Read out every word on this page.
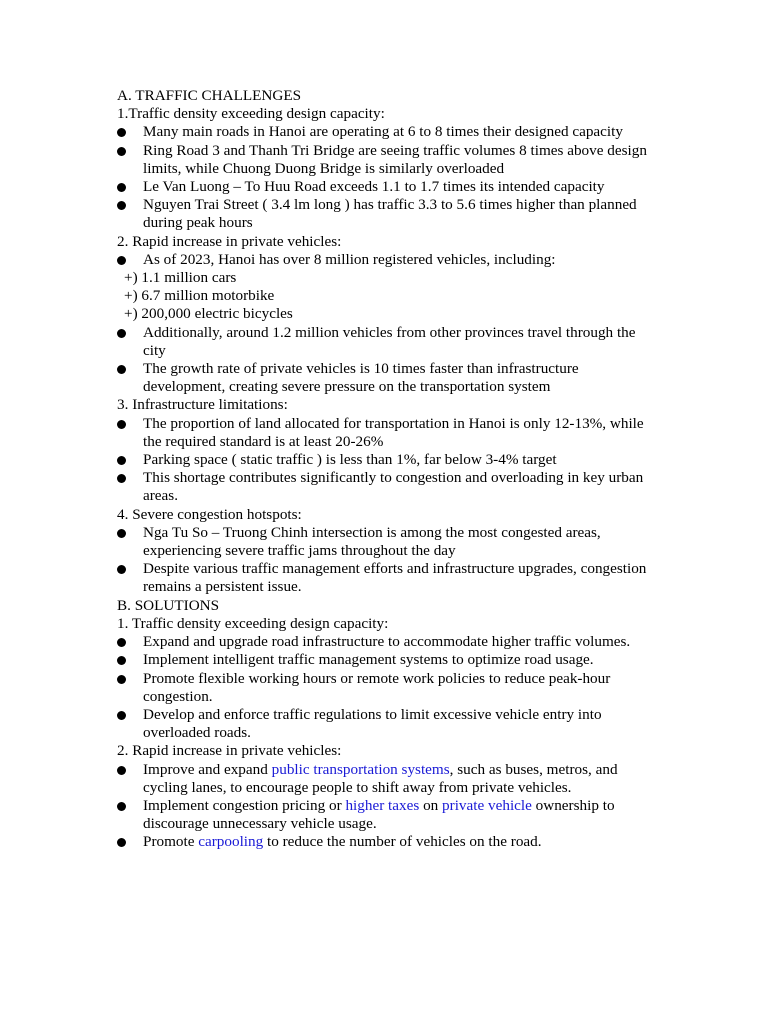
A. TRAFFIC CHALLENGES
1.Traffic density exceeding design capacity:
Many main roads in Hanoi are operating at 6 to 8 times their designed capacity
Ring Road 3 and Thanh Tri Bridge are seeing traffic volumes 8 times above design limits, while Chuong Duong Bridge is similarly overloaded
Le Van Luong – To Huu Road exceeds 1.1 to 1.7 times its intended capacity
Nguyen Trai Street ( 3.4 lm long ) has traffic 3.3 to 5.6 times higher than planned during peak hours
2. Rapid increase in private vehicles:
As of 2023, Hanoi has over 8 million registered vehicles, including:
+) 1.1 million cars
+) 6.7 million motorbike
+) 200,000 electric bicycles
Additionally, around 1.2 million vehicles from other provinces travel through the city
The growth rate of private vehicles is 10 times faster than infrastructure development, creating severe pressure on the transportation system
3. Infrastructure limitations:
The proportion of land allocated for transportation in Hanoi is only 12-13%, while the required standard is at least 20-26%
Parking space ( static traffic ) is less than 1%, far below 3-4% target
This shortage contributes significantly to congestion and overloading in key urban areas.
4. Severe congestion hotspots:
Nga Tu So – Truong Chinh intersection is among the most congested areas, experiencing severe traffic jams throughout the day
Despite various traffic management efforts and infrastructure upgrades, congestion remains a persistent issue.
B. SOLUTIONS
1. Traffic density exceeding design capacity:
Expand and upgrade road infrastructure to accommodate higher traffic volumes.
Implement intelligent traffic management systems to optimize road usage.
Promote flexible working hours or remote work policies to reduce peak-hour congestion.
Develop and enforce traffic regulations to limit excessive vehicle entry into overloaded roads.
2. Rapid increase in private vehicles:
Improve and expand public transportation systems, such as buses, metros, and cycling lanes, to encourage people to shift away from private vehicles.
Implement congestion pricing or higher taxes on private vehicle ownership to discourage unnecessary vehicle usage.
Promote carpooling to reduce the number of vehicles on the road.
